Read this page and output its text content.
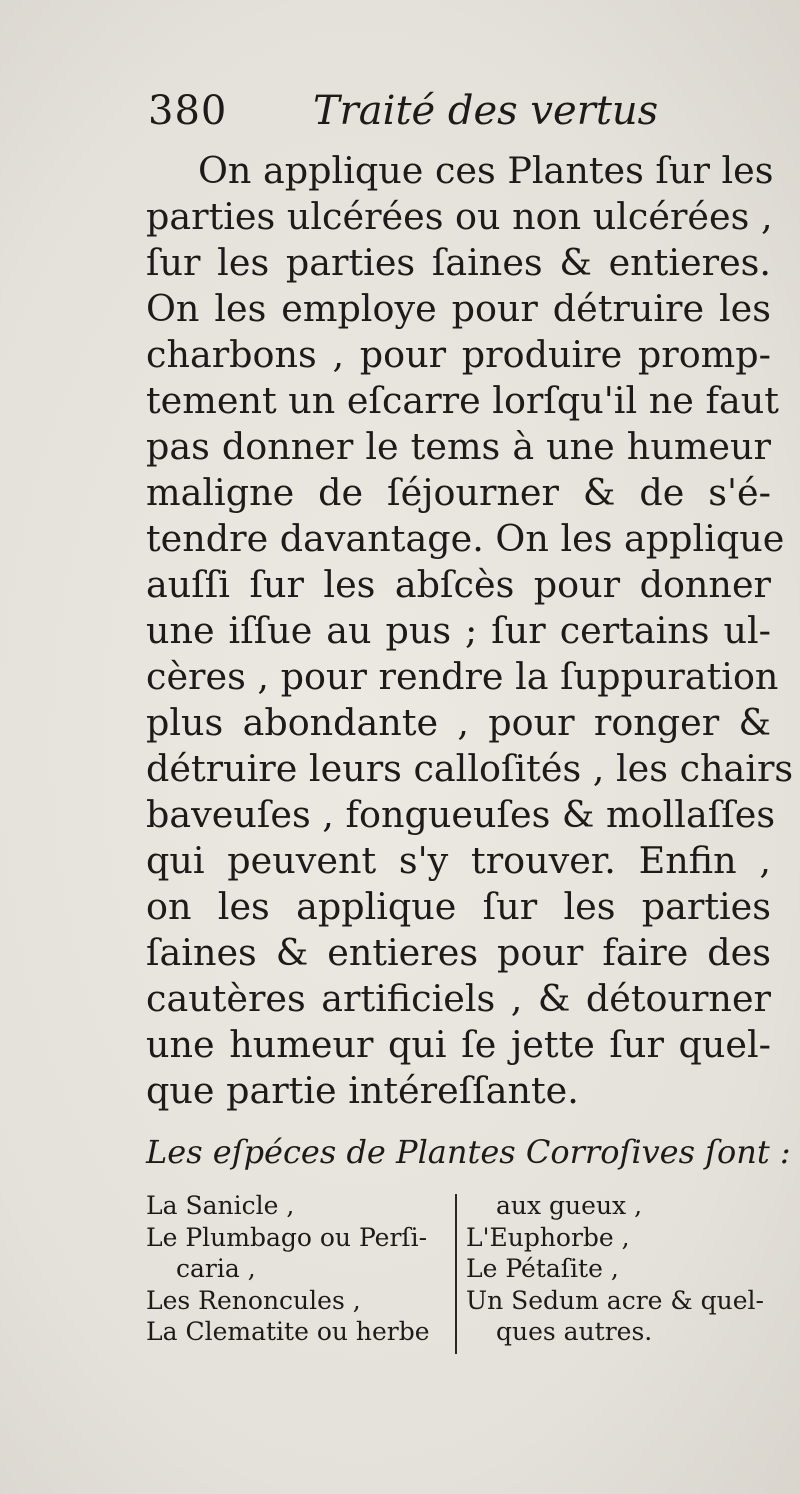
380 Traité des vertus
On applique ces Plantes ſur les
parties ulcérées ou non ulcérées ,
ſur les parties ſaines & entieres.
On les employe pour détruire les
charbons , pour produire promp-
tement un eſcarre lorſqu'il ne faut
pas donner le tems à une humeur
maligne de ſéjourner & de s'é-
tendre davantage. On les applique
auſſi ſur les abſcès pour donner
une iſſue au pus ; ſur certains ul-
cères , pour rendre la ſuppuration
plus abondante , pour ronger &
détruire leurs calloſités , les chairs
baveuſes , fongueuſes & mollaſſes
qui peuvent s'y trouver. Enfin ,
on les applique ſur les parties
ſaines & entieres pour faire des
cautères artificiels , & détourner
une humeur qui ſe jette ſur quel-
que partie intéreſſante.
Les eſpéces de Plantes Corroſives ſont :
La Sanicle ,
Le Plumbago ou Perſi-
caria ,
Les Renoncules ,
La Clematite ou herbe
aux gueux ,
L'Euphorbe ,
Le Pétaſite ,
Un Sedum acre & quel-
ques autres.
